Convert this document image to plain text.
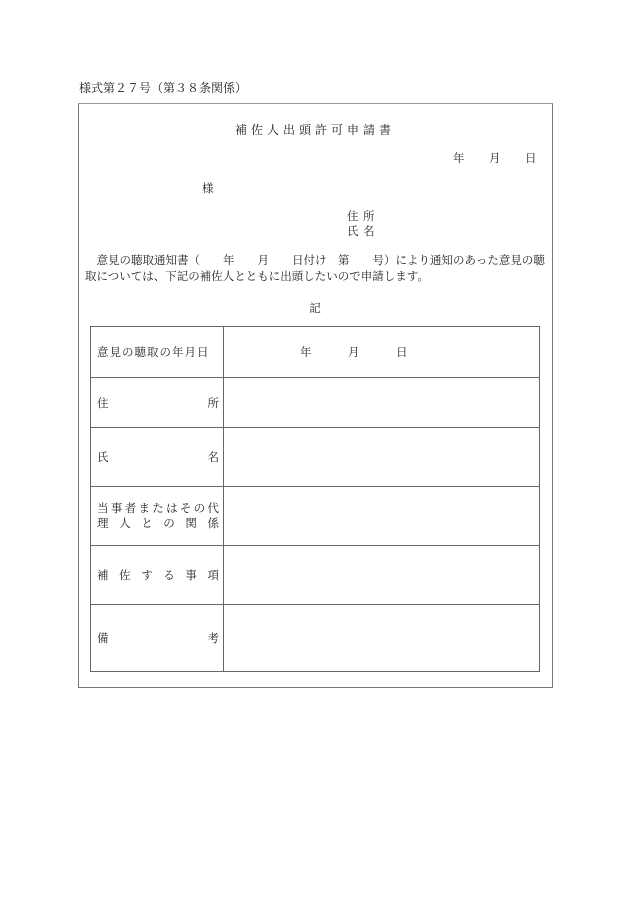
様式第２７号（第３８条関係）
補佐人出頭許可申請書
年 月 日
様
住 所
氏 名
　意見の聴取通知書（　　年　　月　　日付け　第　　号）により通知のあった意見の聴取については、下記の補佐人とともに出頭したいので申請します。
記
意見の聴取の年月日	年 月 日

住 所	

氏 名	

当 事 者 ま た は そ の 代
理 人 と の 関 係

補 佐 す る 事 項

備 考	
